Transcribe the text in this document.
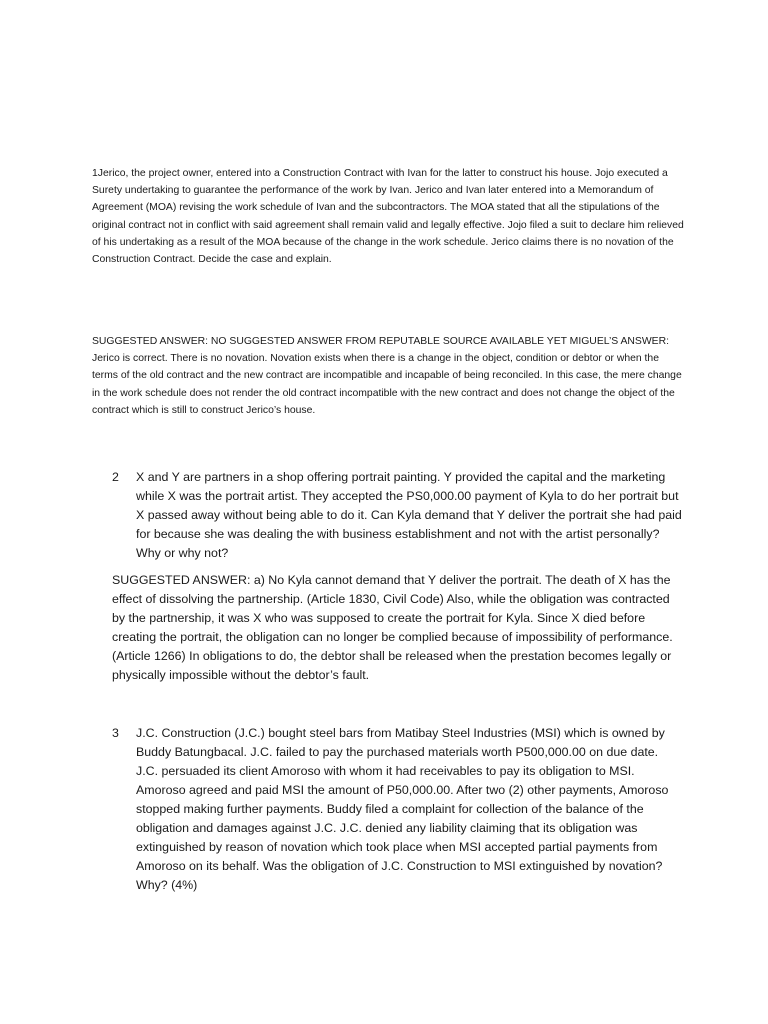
1Jerico, the project owner, entered into a Construction Contract with Ivan for the latter to construct his house. Jojo executed a Surety undertaking to guarantee the performance of the work by Ivan. Jerico and Ivan later entered into a Memorandum of Agreement (MOA) revising the work schedule of Ivan and the subcontractors. The MOA stated that all the stipulations of the original contract not in conflict with said agreement shall remain valid and legally effective. Jojo filed a suit to declare him relieved of his undertaking as a result of the MOA because of the change in the work schedule. Jerico claims there is no novation of the Construction Contract. Decide the case and explain.

SUGGESTED ANSWER: NO SUGGESTED ANSWER FROM REPUTABLE SOURCE AVAILABLE YET MIGUEL’S ANSWER: Jerico is correct. There is no novation. Novation exists when there is a change in the object, condition or debtor or when the terms of the old contract and the new contract are incompatible and incapable of being reconciled. In this case, the mere change in the work schedule does not render the old contract incompatible with the new contract and does not change the object of the contract which is still to construct Jerico’s house.

2 X and Y are partners in a shop offering portrait painting. Y provided the capital and the marketing while X was the portrait artist. They accepted the PS0,000.00 payment of Kyla to do her portrait but X passed away without being able to do it. Can Kyla demand that Y deliver the portrait she had paid for because she was dealing the with business establishment and not with the artist personally? Why or why not?

SUGGESTED ANSWER: a) No Kyla cannot demand that Y deliver the portrait. The death of X has the effect of dissolving the partnership. (Article 1830, Civil Code) Also, while the obligation was contracted by the partnership, it was X who was supposed to create the portrait for Kyla. Since X died before creating the portrait, the obligation can no longer be complied because of impossibility of performance. (Article 1266) In obligations to do, the debtor shall be released when the prestation becomes legally or physically impossible without the debtor’s fault.

3 J.C. Construction (J.C.) bought steel bars from Matibay Steel Industries (MSI) which is owned by Buddy Batungbacal. J.C. failed to pay the purchased materials worth P500,000.00 on due date. J.C. persuaded its client Amoroso with whom it had receivables to pay its obligation to MSI. Amoroso agreed and paid MSI the amount of P50,000.00. After two (2) other payments, Amoroso stopped making further payments. Buddy filed a complaint for collection of the balance of the obligation and damages against J.C. J.C. denied any liability claiming that its obligation was extinguished by reason of novation which took place when MSI accepted partial payments from Amoroso on its behalf. Was the obligation of J.C. Construction to MSI extinguished by novation? Why? (4%)
